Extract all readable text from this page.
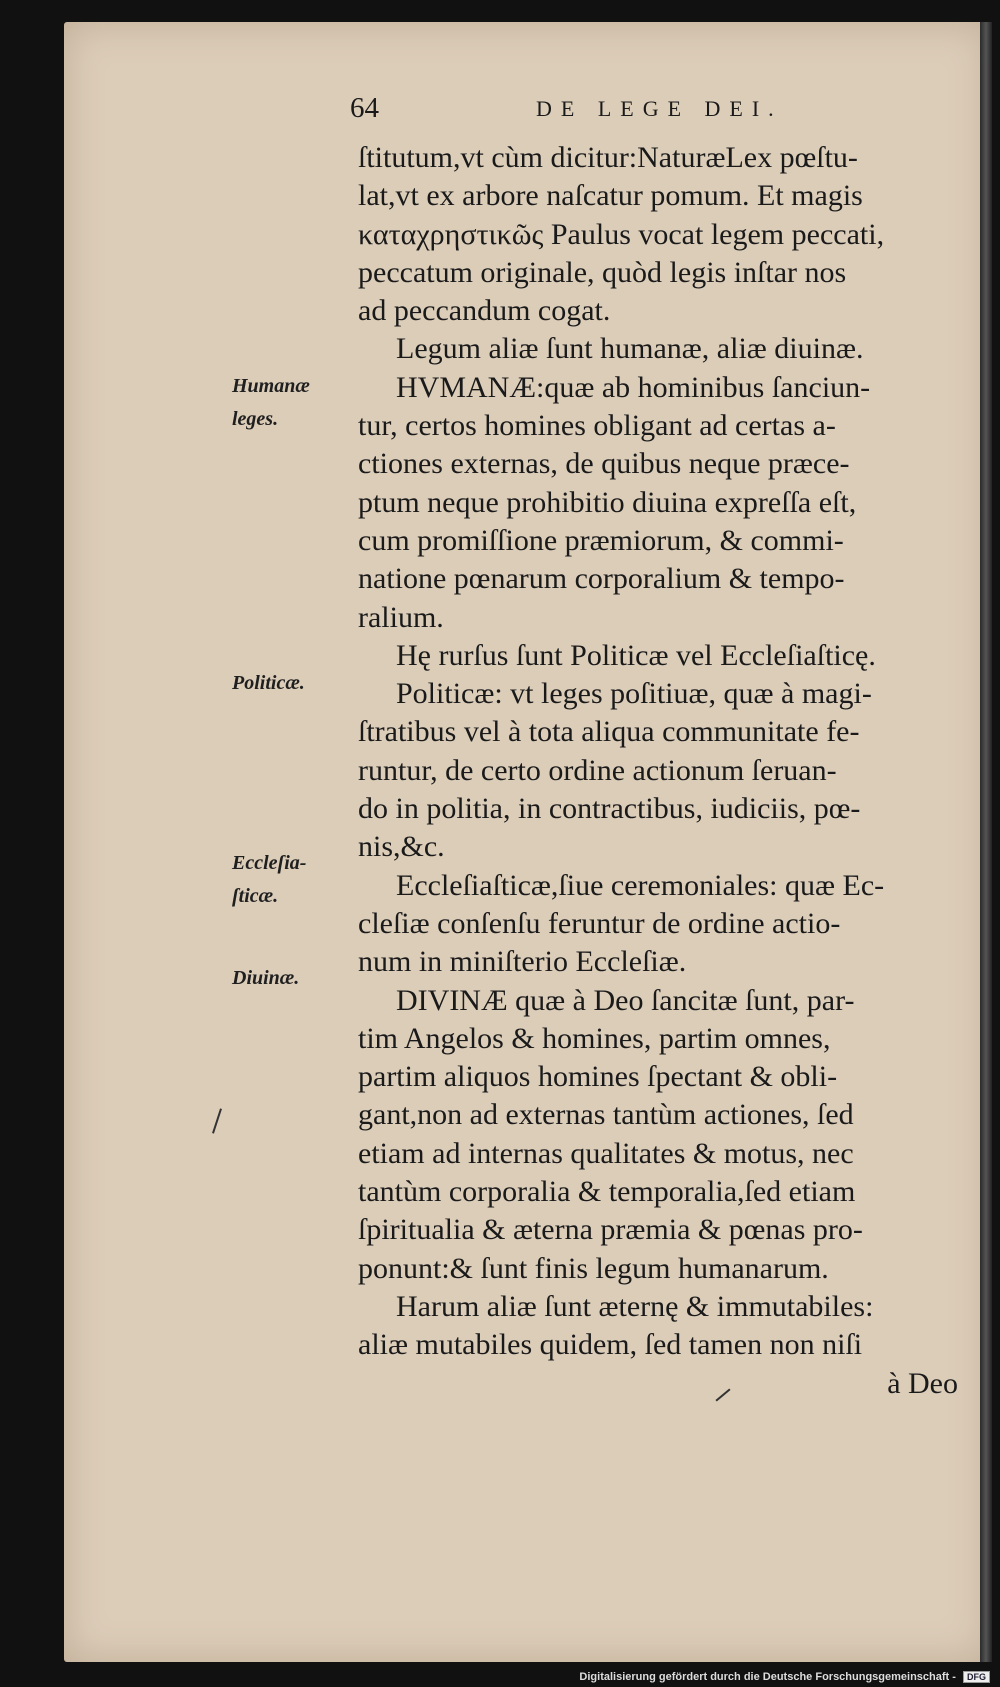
64	DE LEGE DEI.
ſtitutum,vt cùm dicitur:NaturæLex pœſtu-
lat,vt ex arbore naſcatur pomum. Et magis
κατα​χρηστικῶς Paulus vocat legem peccati,
peccatum originale, quòd legis inſtar nos
ad peccandum cogat.
Legum aliæ ſunt humanæ, aliæ diuinæ.
HVMANÆ:quæ ab hominibus ſanciun-
tur, certos homines obligant ad certas a-
ctiones externas, de quibus neque præce-
ptum neque prohibitio diuina expreſſa eſt,
cum promiſſione præmiorum, & commi-
natione pœnarum corporalium & tempo-
ralium.
Hę rurſus ſunt Politicæ vel Eccleſiaſticę.
Politicæ: vt leges poſitiuæ, quæ à magi-
ſtratibus vel à tota aliqua communitate fe-
runtur, de certo ordine actionum ſeruan-
do in politia, in contractibus, iudiciis, pœ-
nis,&c.
Eccleſiaſticæ,ſiue ceremoniales: quæ Ec-
cleſiæ conſenſu feruntur de ordine actio-
num in miniſterio Eccleſiæ.
DIVINÆ quæ à Deo ſancitæ ſunt, par-
tim Angelos & homines, partim omnes,
partim aliquos homines ſpectant & obli-
gant,non ad externas tantùm actiones, ſed
etiam ad internas qualitates & motus, nec
tantùm corporalia & temporalia,ſed etiam
ſpiritualia & æterna præmia & pœnas pro-
ponunt:& ſunt finis legum humanarum.
Harum aliæ ſunt æternę & immutabiles:
aliæ mutabiles quidem, ſed tamen non niſi
à Deo
Humanæ
leges.
Politicæ.
Eccleſia-
ſticæ.
Diuinæ.
Digitalisierung gefördert durch die Deutsche Forschungsgemeinschaft - DFG
